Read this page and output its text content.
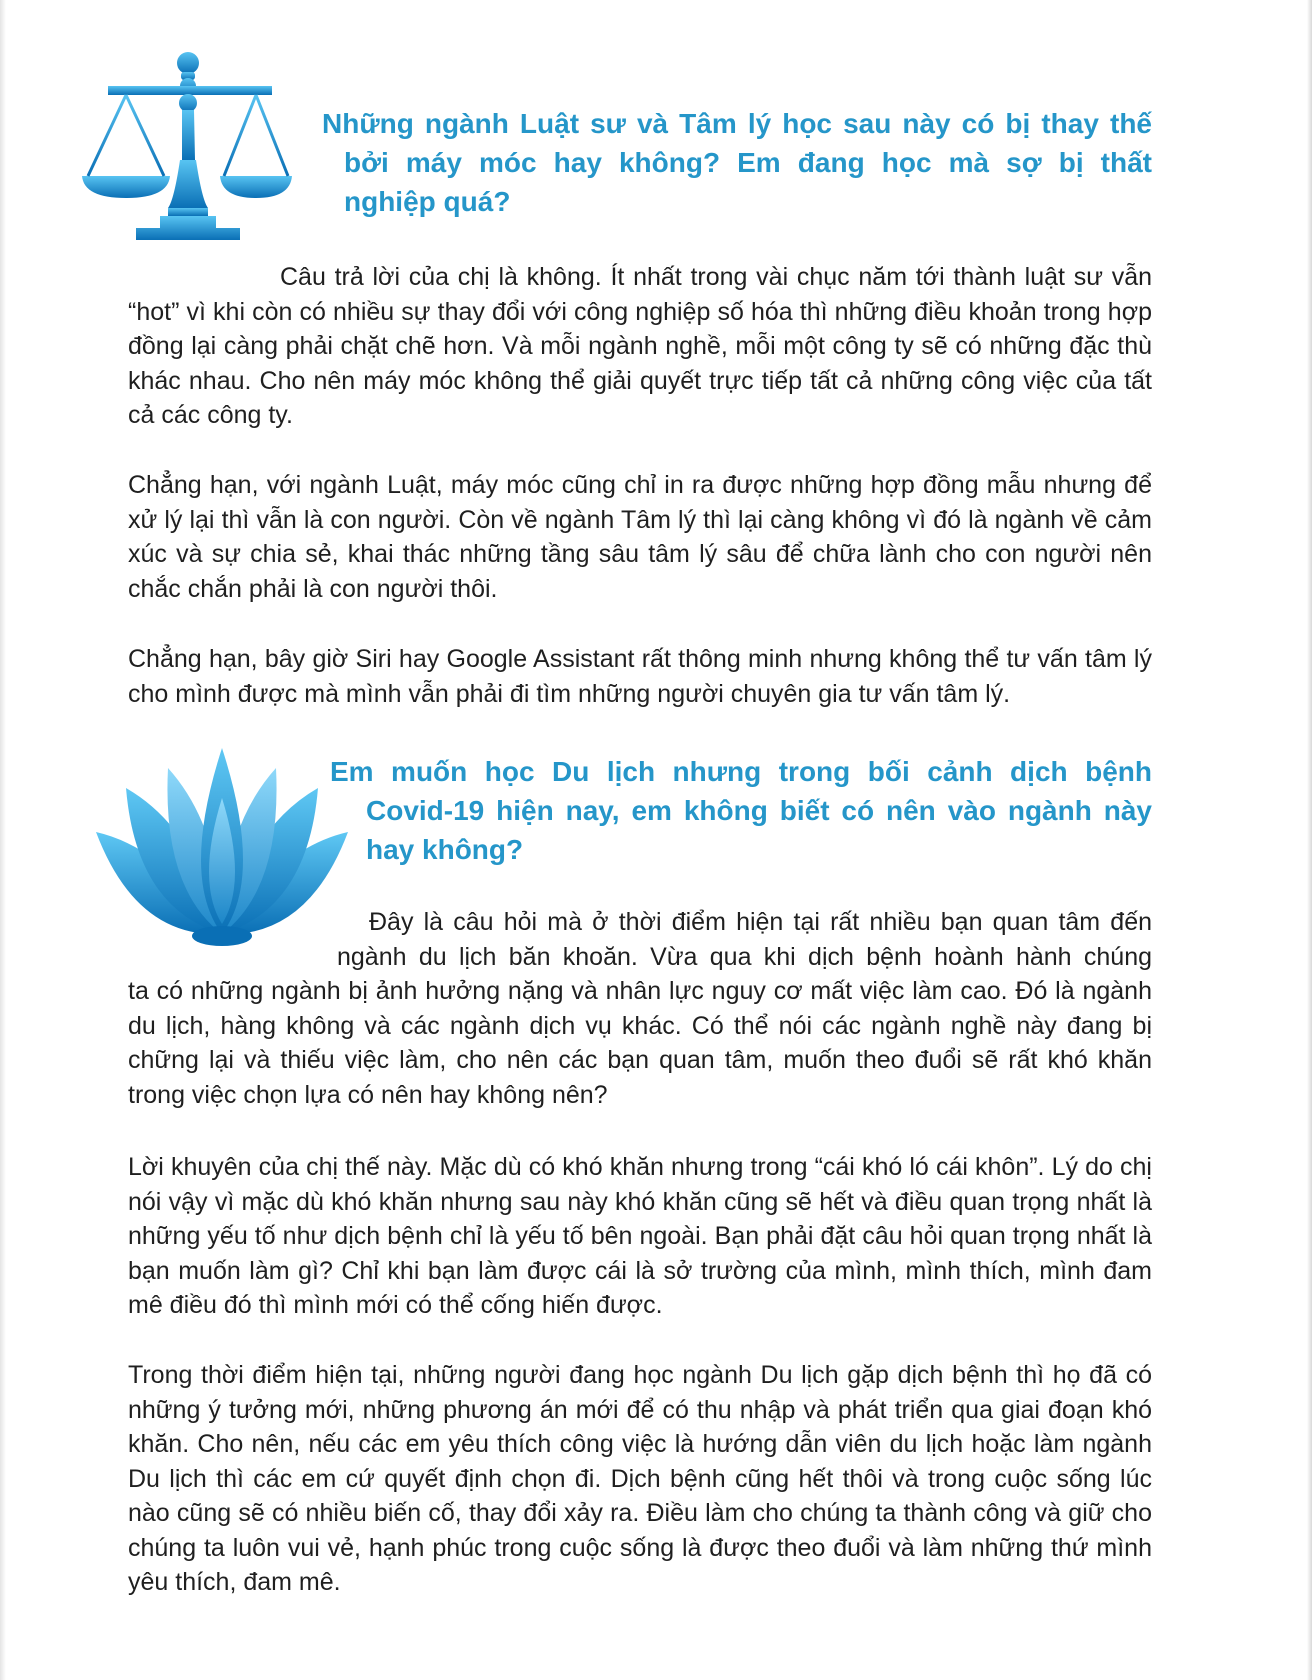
Những ngành Luật sư và Tâm lý học sau này có bị thay thế
bởi máy móc hay không? Em đang học mà sợ bị thất
nghiệp quá?

Câu trả lời của chị là không. Ít nhất trong vài chục năm tới thành luật sư vẫn “hot” vì khi còn có nhiều sự thay đổi với công nghiệp số hóa thì những điều khoản trong hợp đồng lại càng phải chặt chẽ hơn. Và mỗi ngành nghề, mỗi một công ty sẽ có những đặc thù khác nhau. Cho nên máy móc không thể giải quyết trực tiếp tất cả những công việc của tất cả các công ty.

Chẳng hạn, với ngành Luật, máy móc cũng chỉ in ra được những hợp đồng mẫu nhưng để xử lý lại thì vẫn là con người. Còn về ngành Tâm lý thì lại càng không vì đó là ngành về cảm xúc và sự chia sẻ, khai thác những tầng sâu tâm lý sâu để chữa lành cho con người nên chắc chắn phải là con người thôi.

Chẳng hạn, bây giờ Siri hay Google Assistant rất thông minh nhưng không thể tư vấn tâm lý cho mình được mà mình vẫn phải đi tìm những người chuyên gia tư vấn tâm lý.

Em muốn học Du lịch nhưng trong bối cảnh dịch bệnh
Covid-19 hiện nay, em không biết có nên vào ngành này
hay không?

Đây là câu hỏi mà ở thời điểm hiện tại rất nhiều bạn quan tâm đến
ngành du lịch băn khoăn. Vừa qua khi dịch bệnh hoành hành chúng

ta có những ngành bị ảnh hưởng nặng và nhân lực nguy cơ mất việc làm cao. Đó là ngành du lịch, hàng không và các ngành dịch vụ khác. Có thể nói các ngành nghề này đang bị chững lại và thiếu việc làm, cho nên các bạn quan tâm, muốn theo đuổi sẽ rất khó khăn trong việc chọn lựa có nên hay không nên?

Lời khuyên của chị thế này. Mặc dù có khó khăn nhưng trong “cái khó ló cái khôn”. Lý do chị nói vậy vì mặc dù khó khăn nhưng sau này khó khăn cũng sẽ hết và điều quan trọng nhất là những yếu tố như dịch bệnh chỉ là yếu tố bên ngoài. Bạn phải đặt câu hỏi quan trọng nhất là bạn muốn làm gì? Chỉ khi bạn làm được cái là sở trường của mình, mình thích, mình đam mê điều đó thì mình mới có thể cống hiến được.

Trong thời điểm hiện tại, những người đang học ngành Du lịch gặp dịch bệnh thì họ đã có những ý tưởng mới, những phương án mới để có thu nhập và phát triển qua giai đoạn khó khăn. Cho nên, nếu các em yêu thích công việc là hướng dẫn viên du lịch hoặc làm ngành Du lịch thì các em cứ quyết định chọn đi. Dịch bệnh cũng hết thôi và trong cuộc sống lúc nào cũng sẽ có nhiều biến cố, thay đổi xảy ra. Điều làm cho chúng ta thành công và giữ cho chúng ta luôn vui vẻ, hạnh phúc trong cuộc sống là được theo đuổi và làm những thứ mình yêu thích, đam mê.
